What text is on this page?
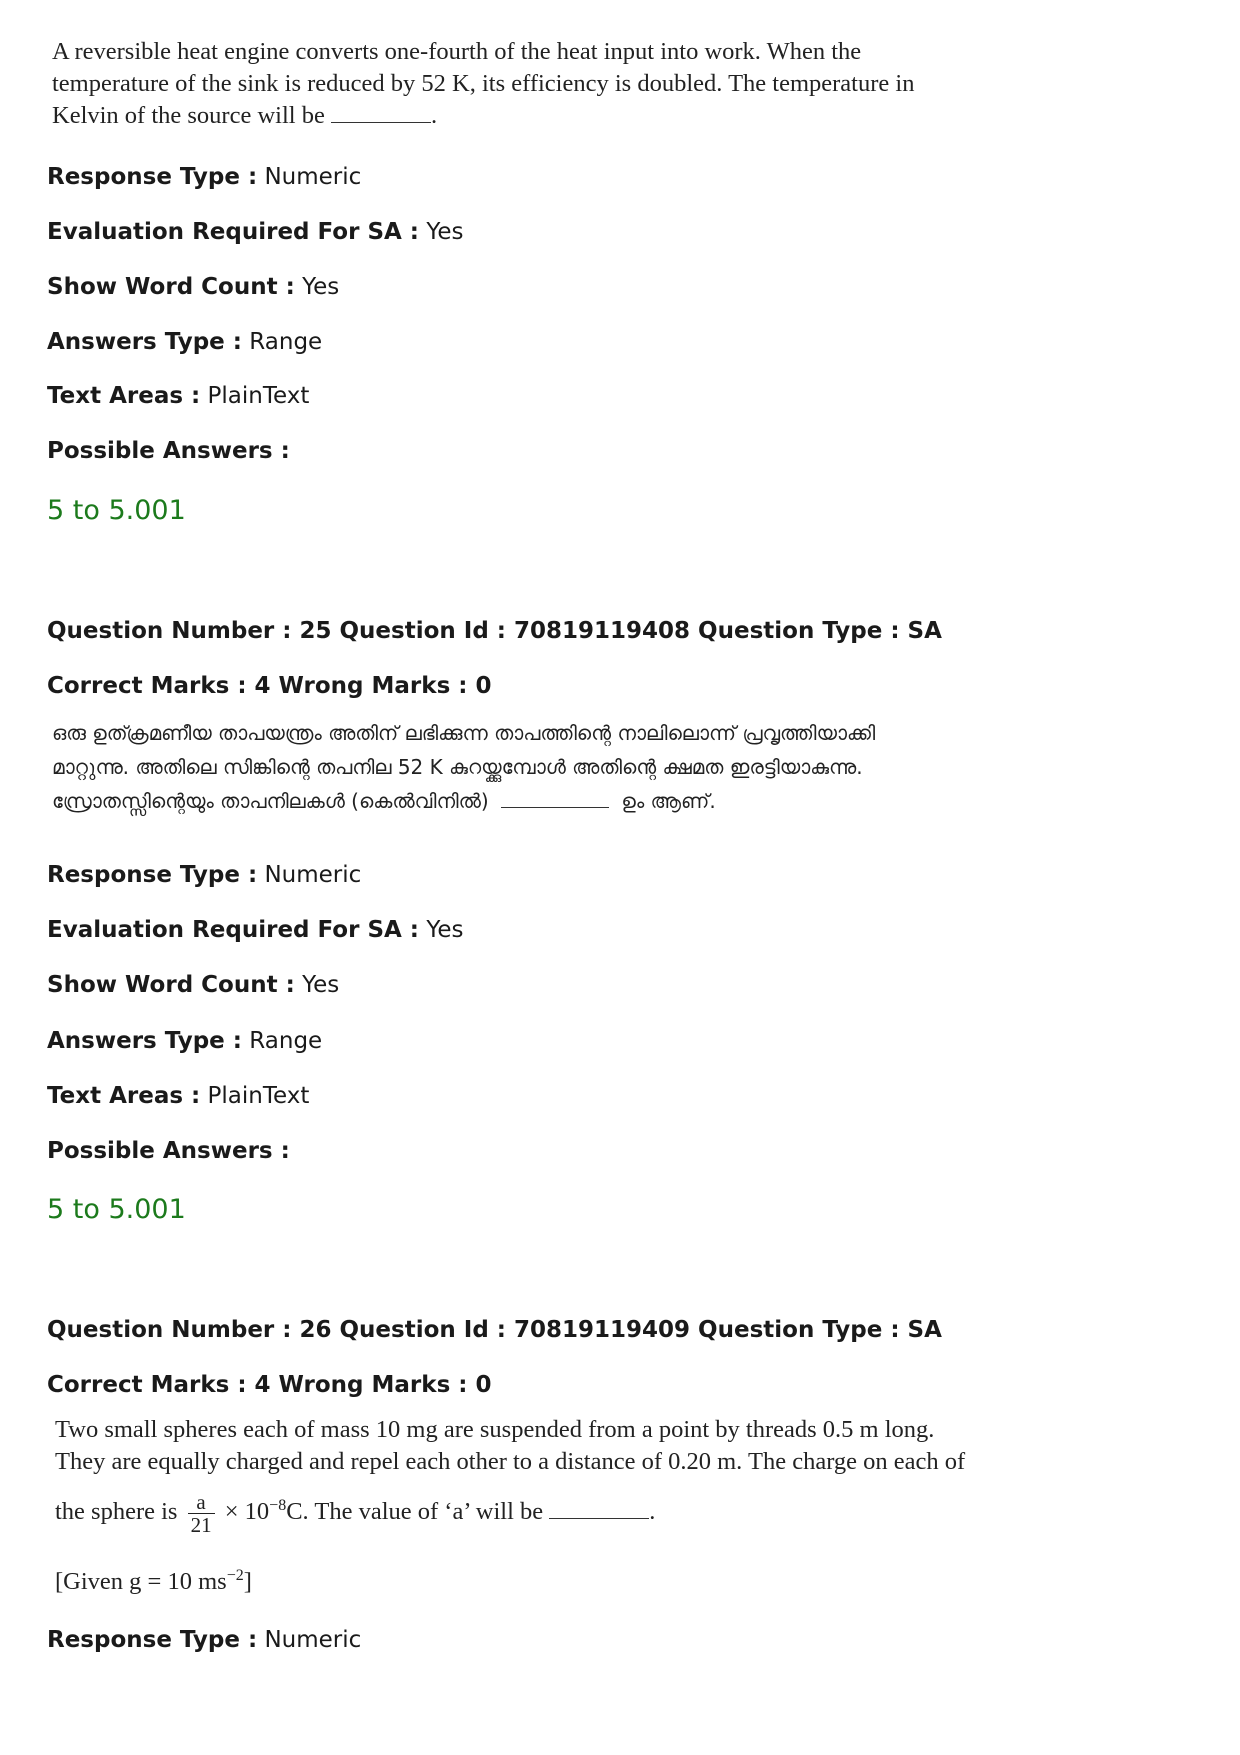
A reversible heat engine converts one-fourth of the heat input into work. When the
temperature of the sink is reduced by 52 K, its efficiency is doubled. The temperature in
Kelvin of the source will be	.
Response Type : Numeric
Evaluation Required For SA : Yes
Show Word Count : Yes
Answers Type : Range
Text Areas : PlainText
Possible Answers :
5 to 5.001
Question Number : 25 Question Id : 70819119408 Question Type : SA
Correct Marks : 4 Wrong Marks : 0
ഒരു ഉത്ക്രമണീയ താപയന്ത്രം അതിന് ലഭിക്കുന്ന താപത്തിന്റെ നാലിലൊന്ന് പ്രവൃത്തിയാക്കി
മാറ്റുന്നു. അതിലെ സിങ്കിന്റെ തപനില 52 K കുറയ്ക്കുമ്പോൾ അതിന്റെ ക്ഷമത ഇരട്ടിയാകുന്നു.
സ്രോതസ്സിന്റെയും താപനിലകൾ (കെൽവിനിൽ)	ഉം ആണ്.
Response Type : Numeric
Evaluation Required For SA : Yes
Show Word Count : Yes
Answers Type : Range
Text Areas : PlainText
Possible Answers :
5 to 5.001
Question Number : 26 Question Id : 70819119409 Question Type : SA
Correct Marks : 4 Wrong Marks : 0
Two small spheres each of mass 10 mg are suspended from a point by threads 0.5 m long.
They are equally charged and repel each other to a distance of 0.20 m. The charge on each of
the sphere is $\frac{a}{21} \times 10^{-8}C$. The value of ‘a’ will be	.
[Given g = 10 $ms^{-2}$]
Response Type : Numeric
